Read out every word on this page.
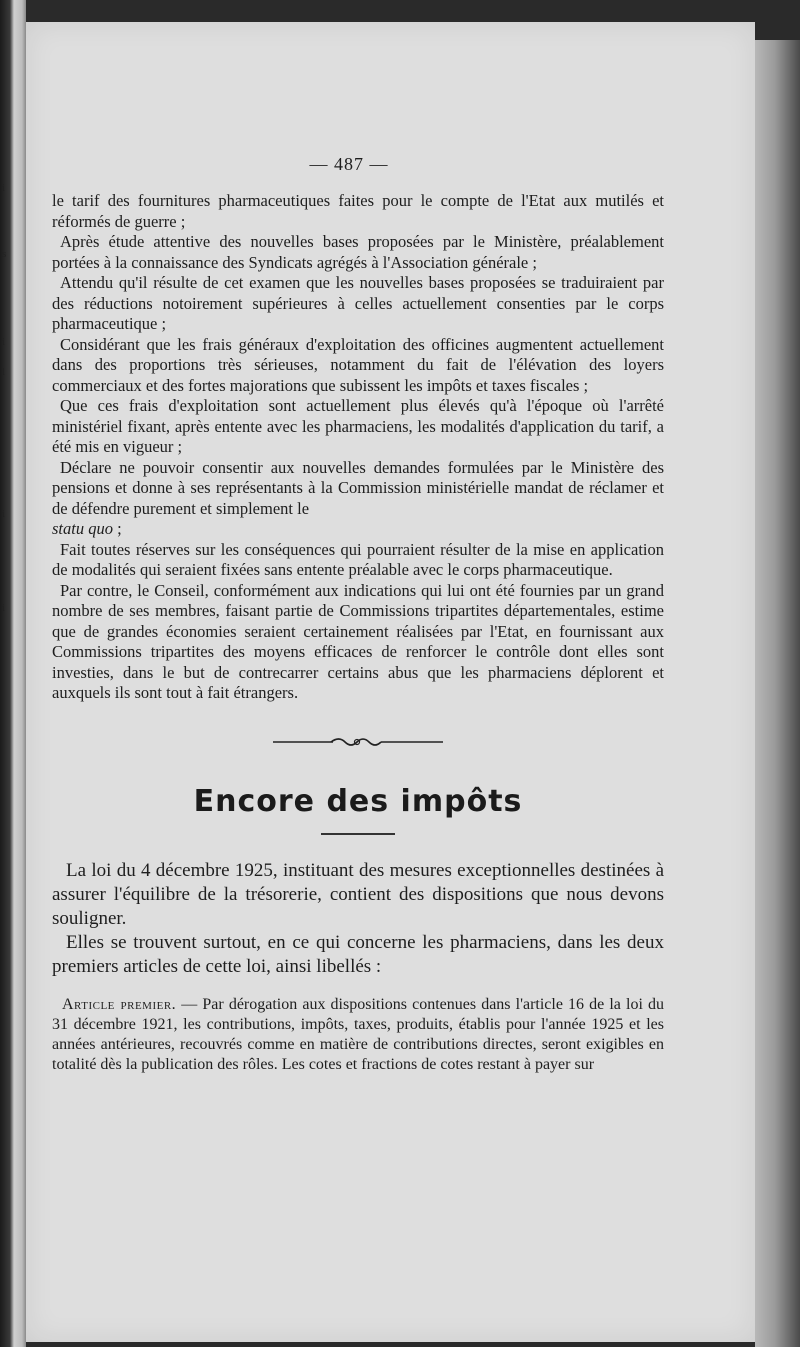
i
s
i
l
i
i
— 487 —

le tarif des fournitures pharmaceutiques faites pour le compte de l'Etat aux mutilés et réformés de guerre ;

Après étude attentive des nouvelles bases proposées par le Ministère, préalablement portées à la connaissance des Syndicats agrégés à l'Association générale ;

Attendu qu'il résulte de cet examen que les nouvelles bases proposées se traduiraient par des réductions notoirement supérieures à celles actuellement consenties par le corps pharmaceutique ;

Considérant que les frais généraux d'exploitation des officines augmentent actuellement dans des proportions très sérieuses, notamment du fait de l'élévation des loyers commerciaux et des fortes majorations que subissent les impôts et taxes fiscales ;

Que ces frais d'exploitation sont actuellement plus élevés qu'à l'époque où l'arrêté ministériel fixant, après entente avec les pharmaciens, les modalités d'application du tarif, a été mis en vigueur ;

Déclare ne pouvoir consentir aux nouvelles demandes formulées par le Ministère des pensions et donne à ses représentants à la Commission ministérielle mandat de réclamer et de défendre purement et simplement le
statu quo ;

Fait toutes réserves sur les conséquences qui pourraient résulter de la mise en application de modalités qui seraient fixées sans entente préalable avec le corps pharmaceutique.

Par contre, le Conseil, conformément aux indications qui lui ont été fournies par un grand nombre de ses membres, faisant partie de Commissions tripartites départementales, estime que de grandes économies seraient certainement réalisées par l'Etat, en fournissant aux Commissions tripartites des moyens efficaces de renforcer le contrôle dont elles sont investies, dans le but de contrecarrer certains abus que les pharmaciens déplorent et auxquels ils sont tout à fait étrangers.

Encore des impôts

La loi du 4 décembre 1925, instituant des mesures exceptionnelles destinées à assurer l'équilibre de la trésorerie, contient des dispositions que nous devons souligner.

Elles se trouvent surtout, en ce qui concerne les pharmaciens, dans les deux premiers articles de cette loi, ainsi libellés :

Article premier. — Par dérogation aux dispositions contenues dans l'article 16 de la loi du 31 décembre 1921, les contributions, impôts, taxes, produits, établis pour l'année 1925 et les années antérieures, recouvrés comme en matière de contributions directes, seront exigibles en totalité dès la publication des rôles. Les cotes et fractions de cotes restant à payer sur
